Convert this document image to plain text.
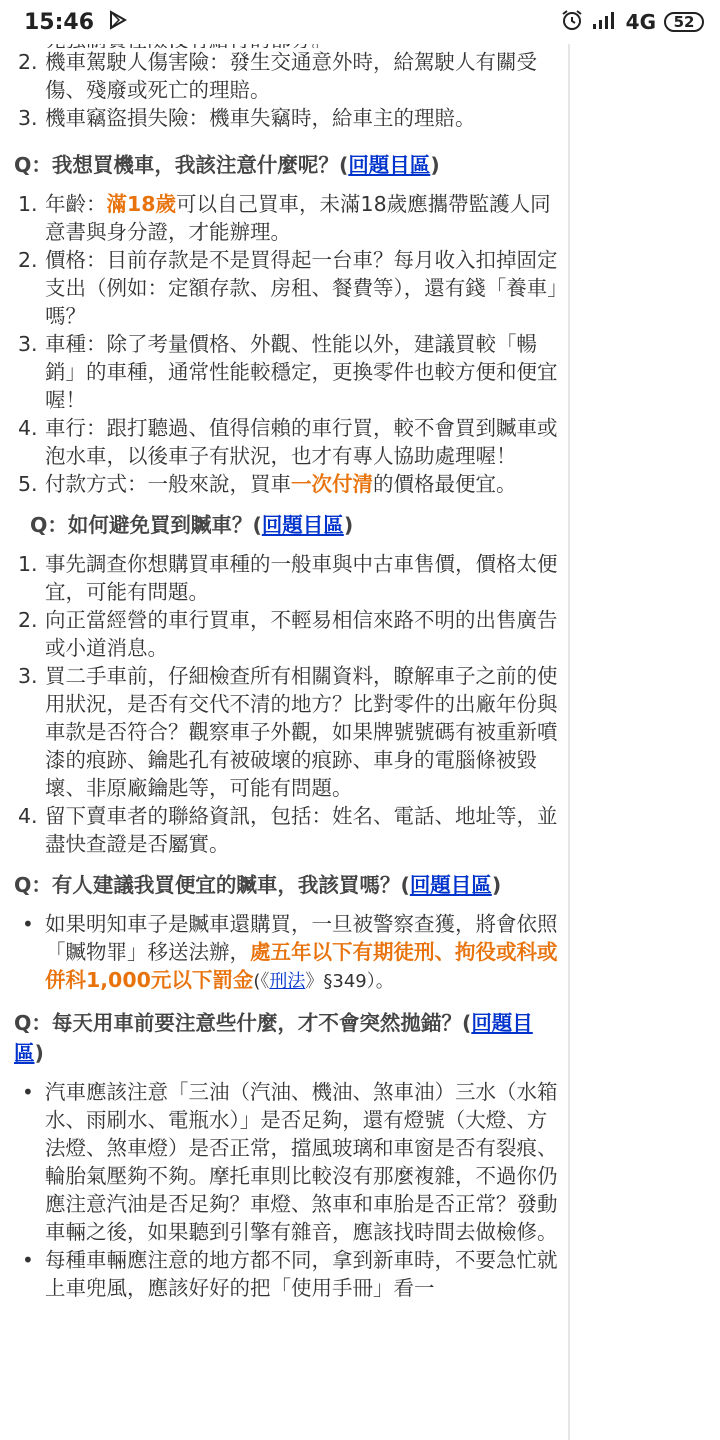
2. 機車駕駛人傷害險：發生交通意外時，給駕駛人有關受傷、殘廢或死亡的理賠。
3. 機車竊盜損失險：機車失竊時，給車主的理賠。
Q：我想買機車，我該注意什麼呢？(回題目區)
1. 年齡：滿18歲可以自己買車，未滿18歲應攜帶監護人同意書與身分證，才能辦理。
2. 價格：目前存款是不是買得起一台車？每月收入扣掉固定支出（例如：定額存款、房租、餐費等），還有錢「養車」嗎？
3. 車種：除了考量價格、外觀、性能以外，建議買較「暢銷」的車種，通常性能較穩定，更換零件也較方便和便宜喔！
4. 車行：跟打聽過、值得信賴的車行買，較不會買到贓車或泡水車，以後車子有狀況，也才有專人協助處理喔！
5. 付款方式：一般來說，買車一次付清的價格最便宜。
Q：如何避免買到贓車？(回題目區)
1. 事先調查你想購買車種的一般車與中古車售價，價格太便宜，可能有問題。
2. 向正當經營的車行買車，不輕易相信來路不明的出售廣告或小道消息。
3. 買二手車前，仔細檢查所有相關資料，瞭解車子之前的使用狀況，是否有交代不清的地方？比對零件的出廠年份與車款是否符合？觀察車子外觀，如果牌號號碼有被重新噴漆的痕跡、鑰匙孔有被破壞的痕跡、車身的電腦條被毀壞、非原廠鑰匙等，可能有問題。
4. 留下賣車者的聯絡資訊，包括：姓名、電話、地址等，並盡快查證是否屬實。
Q：有人建議我買便宜的贓車，我該買嗎？(回題目區)
• 如果明知車子是贓車還購買，一旦被警察查獲，將會依照「贓物罪」移送法辦，處五年以下有期徒刑、拘役或科或併科1,000元以下罰金(《刑法》§349）。
Q：每天用車前要注意些什麼，才不會突然拋錨？(回題目區)
• 汽車應該注意「三油（汽油、機油、煞車油）三水（水箱水、雨刷水、電瓶水）」是否足夠，還有燈號（大燈、方法燈、煞車燈）是否正常，擋風玻璃和車窗是否有裂痕、輪胎氣壓夠不夠。摩托車則比較沒有那麼複雜，不過你仍應注意汽油是否足夠？車燈、煞車和車胎是否正常？發動車輛之後，如果聽到引擎有雜音，應該找時間去做檢修。
• 每種車輛應注意的地方都不同，拿到新車時，不要急忙就上車兜風，應該好好的把「使用手冊」看一
15:46	4G 52
